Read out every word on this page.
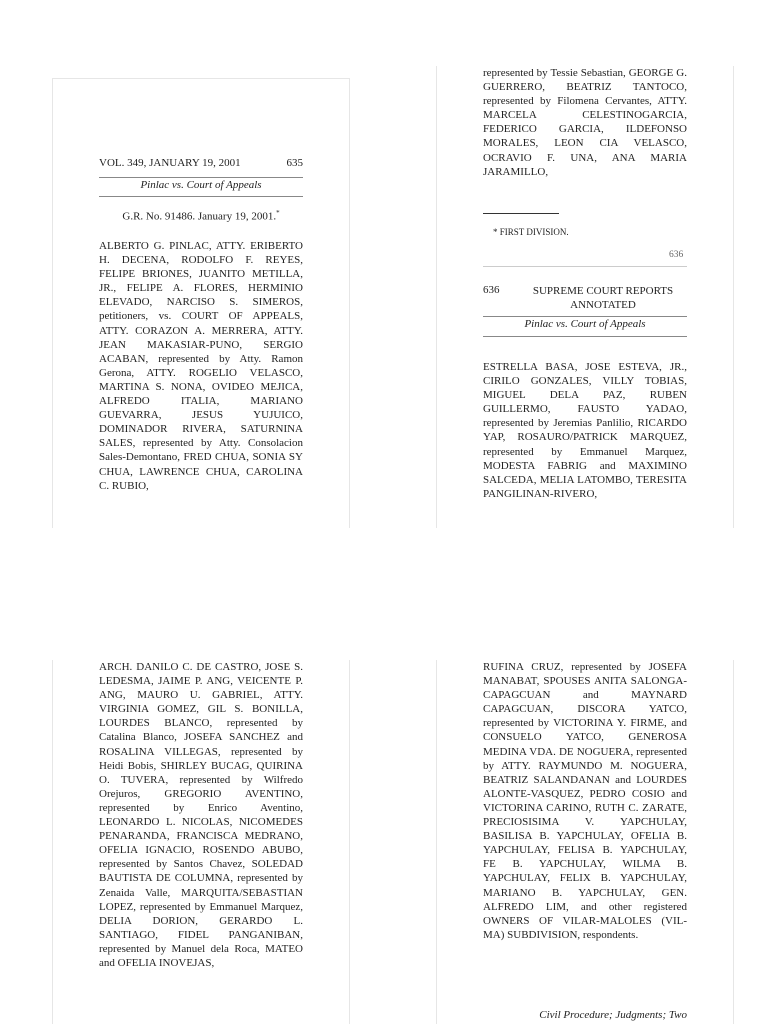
VOL. 349, JANUARY 19, 2001	635
Pinlac vs. Court of Appeals
G.R. No. 91486. January 19, 2001.*
ALBERTO G. PINLAC, ATTY. ERIBERTO H. DECENA, RODOLFO F. REYES, FELIPE BRIONES, JUANITO METILLA, JR., FELIPE A. FLORES, HERMINIO ELEVADO, NARCISO S. SIMEROS, petitioners, vs. COURT OF APPEALS, ATTY. CORAZON A. MERRERA, ATTY. JEAN MAKASIAR-PUNO, SERGIO ACABAN, represented by Atty. Ramon Gerona, ATTY. ROGELIO VELASCO, MARTINA S. NONA, OVIDEO MEJICA, ALFREDO ITALIA, MARIANO GUEVARRA, JESUS YUJUICO, DOMINADOR RIVERA, SATURNINA SALES, represented by Atty. Consolacion Sales-Demontano, FRED CHUA, SONIA SY CHUA, LAWRENCE CHUA, CAROLINA C. RUBIO,
represented by Tessie Sebastian, GEORGE G. GUERRERO, BEATRIZ TANTOCO, represented by Filomena Cervantes, ATTY. MARCELA CELESTINOGARCIA, FEDERICO GARCIA, ILDEFONSO MORALES, LEON CIA VELASCO, OCRAVIO F. UNA, ANA MARIA JARAMILLO,
* FIRST DIVISION.
636
636	SUPREME COURT REPORTS ANNOTATED
Pinlac vs. Court of Appeals
ESTRELLA BASA, JOSE ESTEVA, JR., CIRILO GONZALES, VILLY TOBIAS, MIGUEL DELA PAZ, RUBEN GUILLERMO, FAUSTO YADAO, represented by Jeremias Panlilio, RICARDO YAP, ROSAURO/PATRICK MARQUEZ, represented by Emmanuel Marquez, MODESTA FABRIG and MAXIMINO SALCEDA, MELIA LATOMBO, TERESITA PANGILINAN-RIVERO,
ARCH. DANILO C. DE CASTRO, JOSE S. LEDESMA, JAIME P. ANG, VEICENTE P. ANG, MAURO U. GABRIEL, ATTY. VIRGINIA GOMEZ, GIL S. BONILLA, LOURDES BLANCO, represented by Catalina Blanco, JOSEFA SANCHEZ and ROSALINA VILLEGAS, represented by Heidi Bobis, SHIRLEY BUCAG, QUIRINA O. TUVERA, represented by Wilfredo Orejuros, GREGORIO AVENTINO, represented by Enrico Aventino, LEONARDO L. NICOLAS, NICOMEDES PENARANDA, FRANCISCA MEDRANO, OFELIA IGNACIO, ROSENDO ABUBO, represented by Santos Chavez, SOLEDAD BAUTISTA DE COLUMNA, represented by Zenaida Valle, MARQUITA/SEBASTIAN LOPEZ, represented by Emmanuel Marquez, DELIA DORION, GERARDO L. SANTIAGO, FIDEL PANGANIBAN, represented by Manuel dela Roca, MATEO and OFELIA INOVEJAS,
RUFINA CRUZ, represented by JOSEFA MANABAT, SPOUSES ANITA SALONGA-CAPAGCUAN and MAYNARD CAPAGCUAN, DISCORA YATCO, represented by VICTORINA Y. FIRME, and CONSUELO YATCO, GENEROSA MEDINA VDA. DE NOGUERA, represented by ATTY. RAYMUNDO M. NOGUERA, BEATRIZ SALANDANAN and LOURDES ALONTE-VASQUEZ, PEDRO COSIO and VICTORINA CARINO, RUTH C. ZARATE, PRECIOSISIMA V. YAPCHULAY, BASILISA B. YAPCHULAY, OFELIA B. YAPCHULAY, FELISA B. YAPCHULAY, FE B. YAPCHULAY, WILMA B. YAPCHULAY, FELIX B. YAPCHULAY, MARIANO B. YAPCHULAY, GEN. ALFREDO LIM, and other registered OWNERS OF VILAR-MALOLES (VIL-MA) SUBDIVISION, respondents.
Civil Procedure; Judgments; Two
